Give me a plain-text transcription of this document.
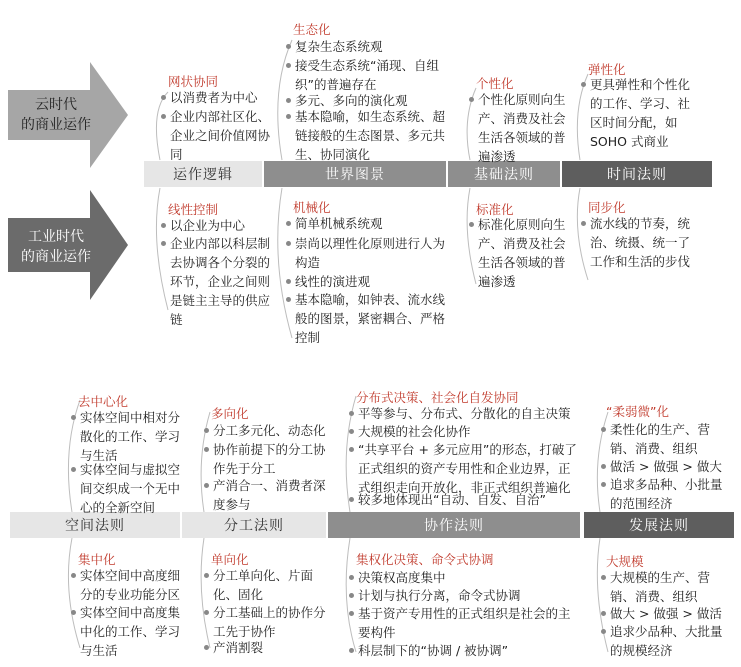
云时代
的商业运作
工业时代
的商业运作
运作逻辑	世界图景	基础法则	时间法则
空间法则	分工法则	协作法则	发展法则
网状协同
以消费者为中心
企业内部社区化、企业之间价值网协同
生态化
复杂生态系统观
接受生态系统“涌现、自组织”的普遍存在
多元、多向的演化观
基本隐喻，如生态系统、超链接般的生态图景、多元共生、协同演化
个性化
个性化原则向生产、消费及社会生活各领域的普遍渗透
弹性化
更具弹性和个性化的工作、学习、社区时间分配，如 SOHO 式商业
线性控制
以企业为中心
企业内部以科层制去协调各个分裂的环节，企业之间则是链主主导的供应链
机械化
简单机械系统观
崇尚以理性化原则进行人为构造
线性的演进观
基本隐喻，如钟表、流水线般的图景，紧密耦合、严格控制
标准化
标准化原则向生产、消费及社会生活各领域的普遍渗透
同步化
流水线的节奏，统治、统摄、统一了工作和生活的步伐
去中心化
实体空间中相对分散化的工作、学习与生活
实体空间与虚拟空间交织成一个无中心的全新空间
多向化
分工多元化、动态化
协作前提下的分工协作先于分工
产消合一、消费者深度参与
分布式决策、社会化自发协同
平等参与、分布式、分散化的自主决策
大规模的社会化协作
“共享平台 + 多元应用”的形态，打破了正式组织的资产专用性和企业边界，正式组织走向开放化，非正式组织普遍化
较多地体现出“自动、自发、自治”
“柔弱微”化
柔性化的生产、营销、消费、组织
做活 > 做强 > 做大
追求多品种、小批量的范围经济
集中化
实体空间中高度细分的专业功能分区
实体空间中高度集中化的工作、学习与生活
单向化
分工单向化、片面化、固化
分工基础上的协作分工先于协作
产消割裂
集权化决策、命令式协调
决策权高度集中
计划与执行分离，命令式协调
基于资产专用性的正式组织是社会的主要构件
科层制下的“协调 / 被协调”
大规模
大规模的生产、营销、消费、组织
做大 > 做强 > 做活
追求少品种、大批量的规模经济
